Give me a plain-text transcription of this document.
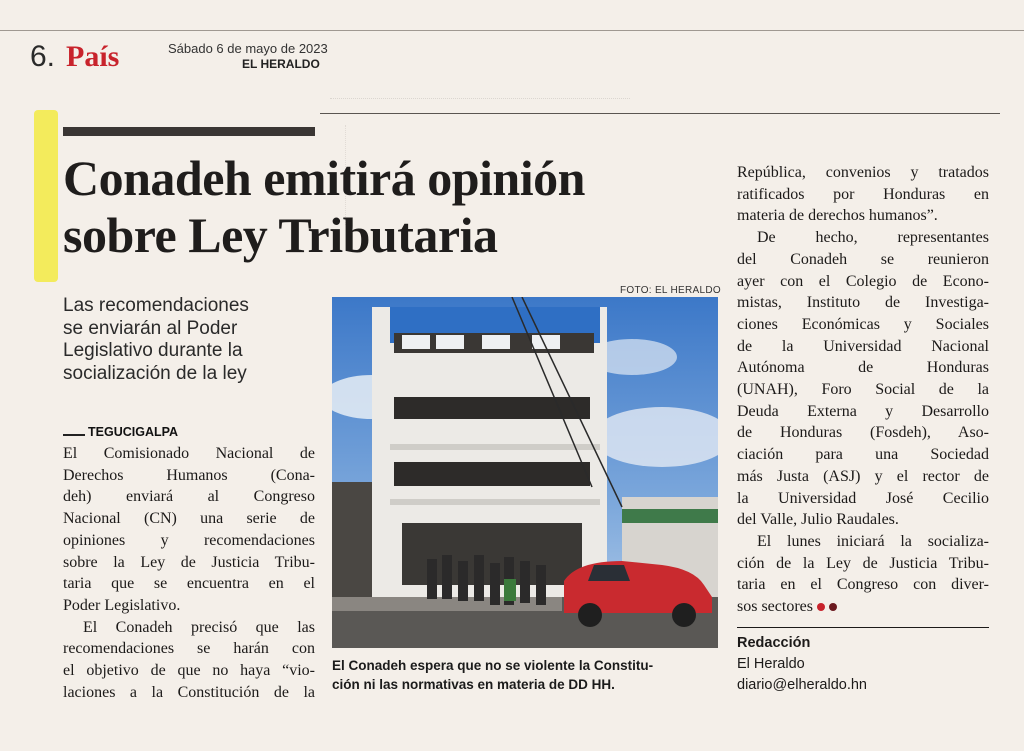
6. País	Sábado 6 de mayo de 2023
EL HERALDO
Conadeh emitirá opinión
sobre Ley Tributaria
FOTO: EL HERALDO
Las recomendaciones
se enviarán al Poder
Legislativo durante la
socialización de la ley
TEGUCIGALPA
El Comisionado Nacional de
Derechos Humanos (Cona-
deh) enviará al Congreso
Nacional (CN) una serie de
opiniones y recomendaciones
sobre la Ley de Justicia Tribu-
taria que se encuentra en el
Poder Legislativo.
El Conadeh precisó que las
recomendaciones se harán con
el objetivo de que no haya “vio-
laciones a la Constitución de la
El Conadeh espera que no se violente la Constitu-
ción ni las normativas en materia de DD HH.
República, convenios y tratados
ratificados por Honduras en
materia de derechos humanos”.
De hecho, representantes
del Conadeh se reunieron
ayer con el Colegio de Econo-
mistas, Instituto de Investiga-
ciones Económicas y Sociales
de la Universidad Nacional
Autónoma de Honduras
(UNAH), Foro Social de la
Deuda Externa y Desarrollo
de Honduras (Fosdeh), Aso-
ciación para una Sociedad
más Justa (ASJ) y el rector de
la Universidad José Cecilio
del Valle, Julio Raudales.
El lunes iniciará la socializa-
ción de la Ley de Justicia Tribu-
taria en el Congreso con diver-
sos sectores
Redacción
El Heraldo
diario@elheraldo.hn
